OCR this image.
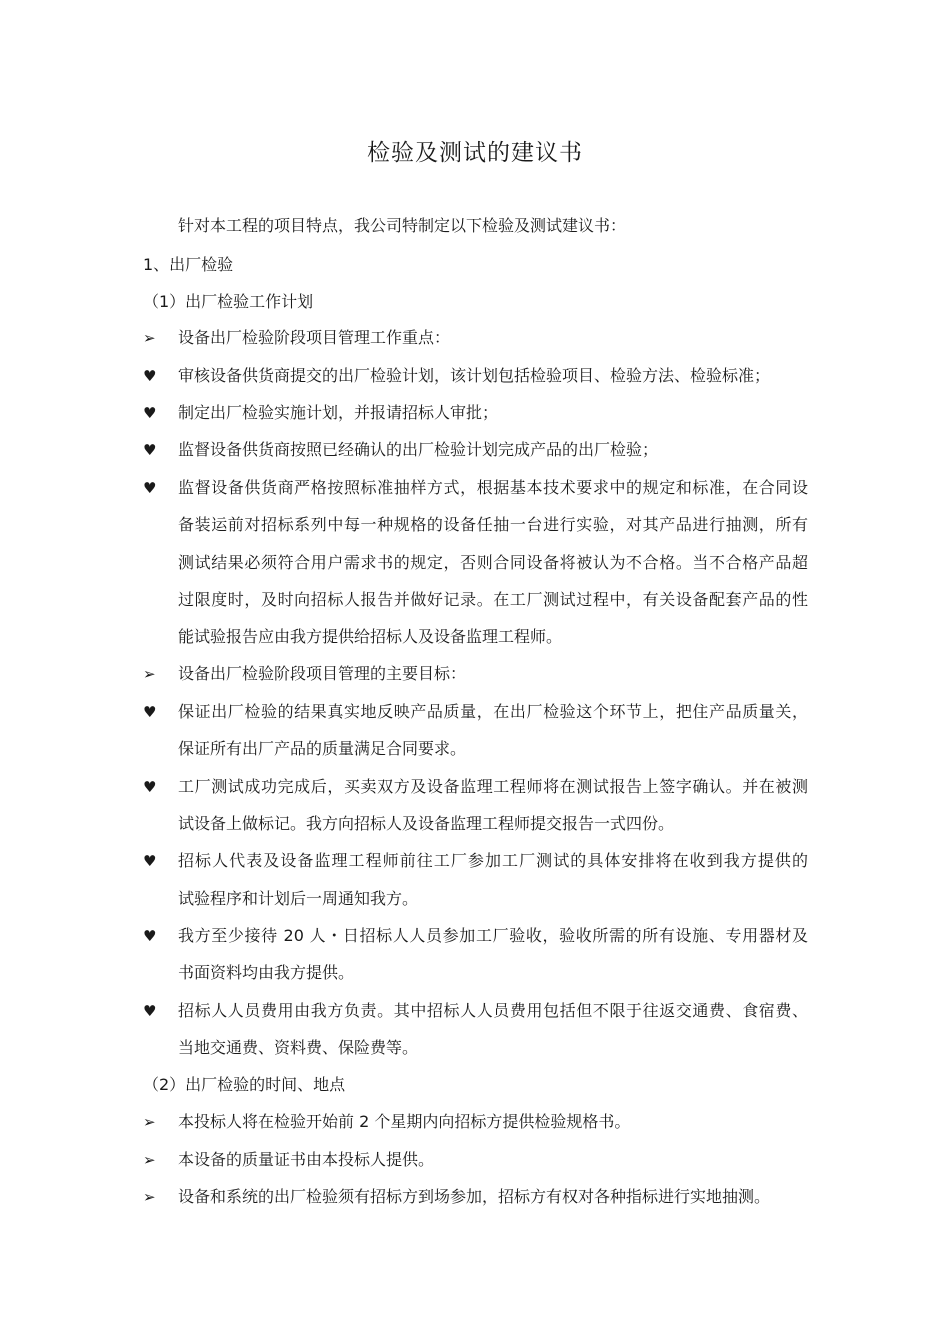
检验及测试的建议书
针对本工程的项目特点，我公司特制定以下检验及测试建议书：
1、出厂检验
（1）出厂检验工作计划
➢	设备出厂检验阶段项目管理工作重点：
♥	审核设备供货商提交的出厂检验计划，该计划包括检验项目、检验方法、检验标准；
♥	制定出厂检验实施计划，并报请招标人审批；
♥	监督设备供货商按照已经确认的出厂检验计划完成产品的出厂检验；
♥	监督设备供货商严格按照标准抽样方式，根据基本技术要求中的规定和标准，在合同设
备装运前对招标系列中每一种规格的设备任抽一台进行实验，对其产品进行抽测，所有
测试结果必须符合用户需求书的规定，否则合同设备将被认为不合格。当不合格产品超
过限度时，及时向招标人报告并做好记录。在工厂测试过程中，有关设备配套产品的性
能试验报告应由我方提供给招标人及设备监理工程师。
➢	设备出厂检验阶段项目管理的主要目标：
♥	保证出厂检验的结果真实地反映产品质量，在出厂检验这个环节上，把住产品质量关，
保证所有出厂产品的质量满足合同要求。
♥	工厂测试成功完成后，买卖双方及设备监理工程师将在测试报告上签字确认。并在被测
试设备上做标记。我方向招标人及设备监理工程师提交报告一式四份。
♥	招标人代表及设备监理工程师前往工厂参加工厂测试的具体安排将在收到我方提供的
试验程序和计划后一周通知我方。
♥	我方至少接待 20 人・日招标人人员参加工厂验收，验收所需的所有设施、专用器材及
书面资料均由我方提供。
♥	招标人人员费用由我方负责。其中招标人人员费用包括但不限于往返交通费、食宿费、
当地交通费、资料费、保险费等。
（2）出厂检验的时间、地点
➢	本投标人将在检验开始前 2 个星期内向招标方提供检验规格书。
➢	本设备的质量证书由本投标人提供。
➢	设备和系统的出厂检验须有招标方到场参加，招标方有权对各种指标进行实地抽测。
